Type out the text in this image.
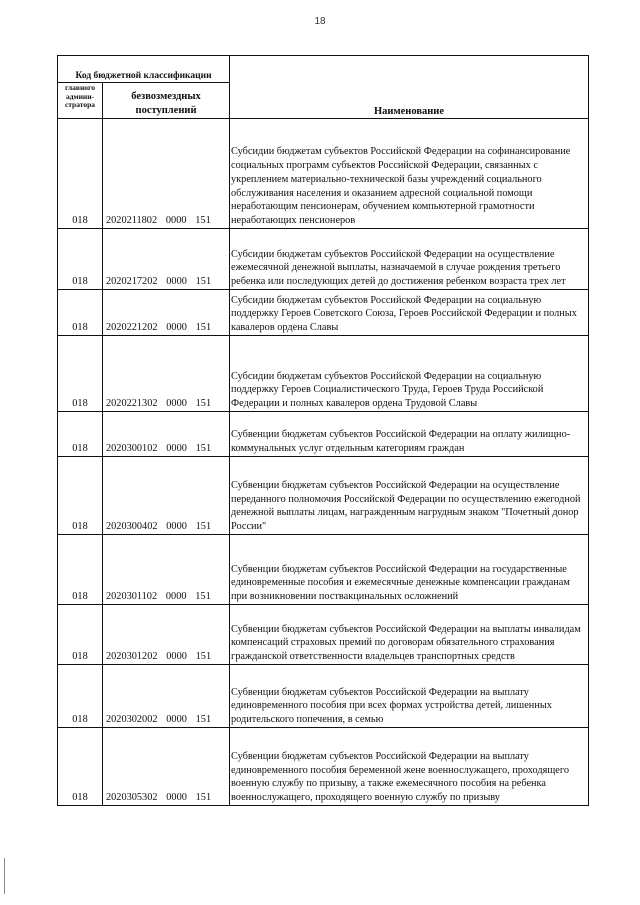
18
Код бюджетной классификации		Наименование
главного админи-стратора	безвозмездных поступлений	
018	2020211802 0000 151	Субсидии бюджетам субъектов Российской Федерации на софинансирование социальных программ субъектов Российской Федерации, связанных с укреплением материально-технической базы учреждений социального обслуживания населения и оказанием адресной социальной помощи неработающим пенсионерам, обучением компьютерной грамотности неработающих пенсионеров
018	2020217202 0000 151	Субсидии бюджетам субъектов Российской Федерации на осуществление ежемесячной денежной выплаты, назначаемой в случае рождения третьего ребенка или последующих детей до достижения ребенком возраста трех лет
018	2020221202 0000 151	Субсидии бюджетам субъектов Российской Федерации на социальную поддержку Героев Советского Союза, Героев Российской Федерации и полных кавалеров ордена Славы
018	2020221302 0000 151	Субсидии бюджетам субъектов Российской Федерации на социальную поддержку Героев Социалистического Труда, Героев Труда Российской Федерации и полных кавалеров ордена Трудовой Славы
018	2020300102 0000 151	Субвенции бюджетам субъектов Российской Федерации на оплату жилищно-коммунальных услуг отдельным категориям граждан
018	2020300402 0000 151	Субвенции бюджетам субъектов Российской Федерации на осуществление переданного полномочия Российской Федерации по осуществлению ежегодной денежной выплаты лицам, награжденным нагрудным знаком "Почетный донор России"
018	2020301102 0000 151	Субвенции бюджетам субъектов Российской Федерации на государственные единовременные пособия и ежемесячные денежные компенсации гражданам при возникновении поствакцинальных осложнений
018	2020301202 0000 151	Субвенции бюджетам субъектов Российской Федерации на выплаты инвалидам компенсаций страховых премий по договорам обязательного страхования гражданской ответственности владельцев транспортных средств
018	2020302002 0000 151	Субвенции бюджетам субъектов Российской Федерации на выплату единовременного пособия при всех формах устройства детей, лишенных родительского попечения, в семью
018	2020305302 0000 151	Субвенции бюджетам субъектов Российской Федерации на выплату единовременного пособия беременной жене военнослужащего, проходящего военную службу по призыву, а также ежемесячного пособия на ребенка военнослужащего, проходящего военную службу по призыву
